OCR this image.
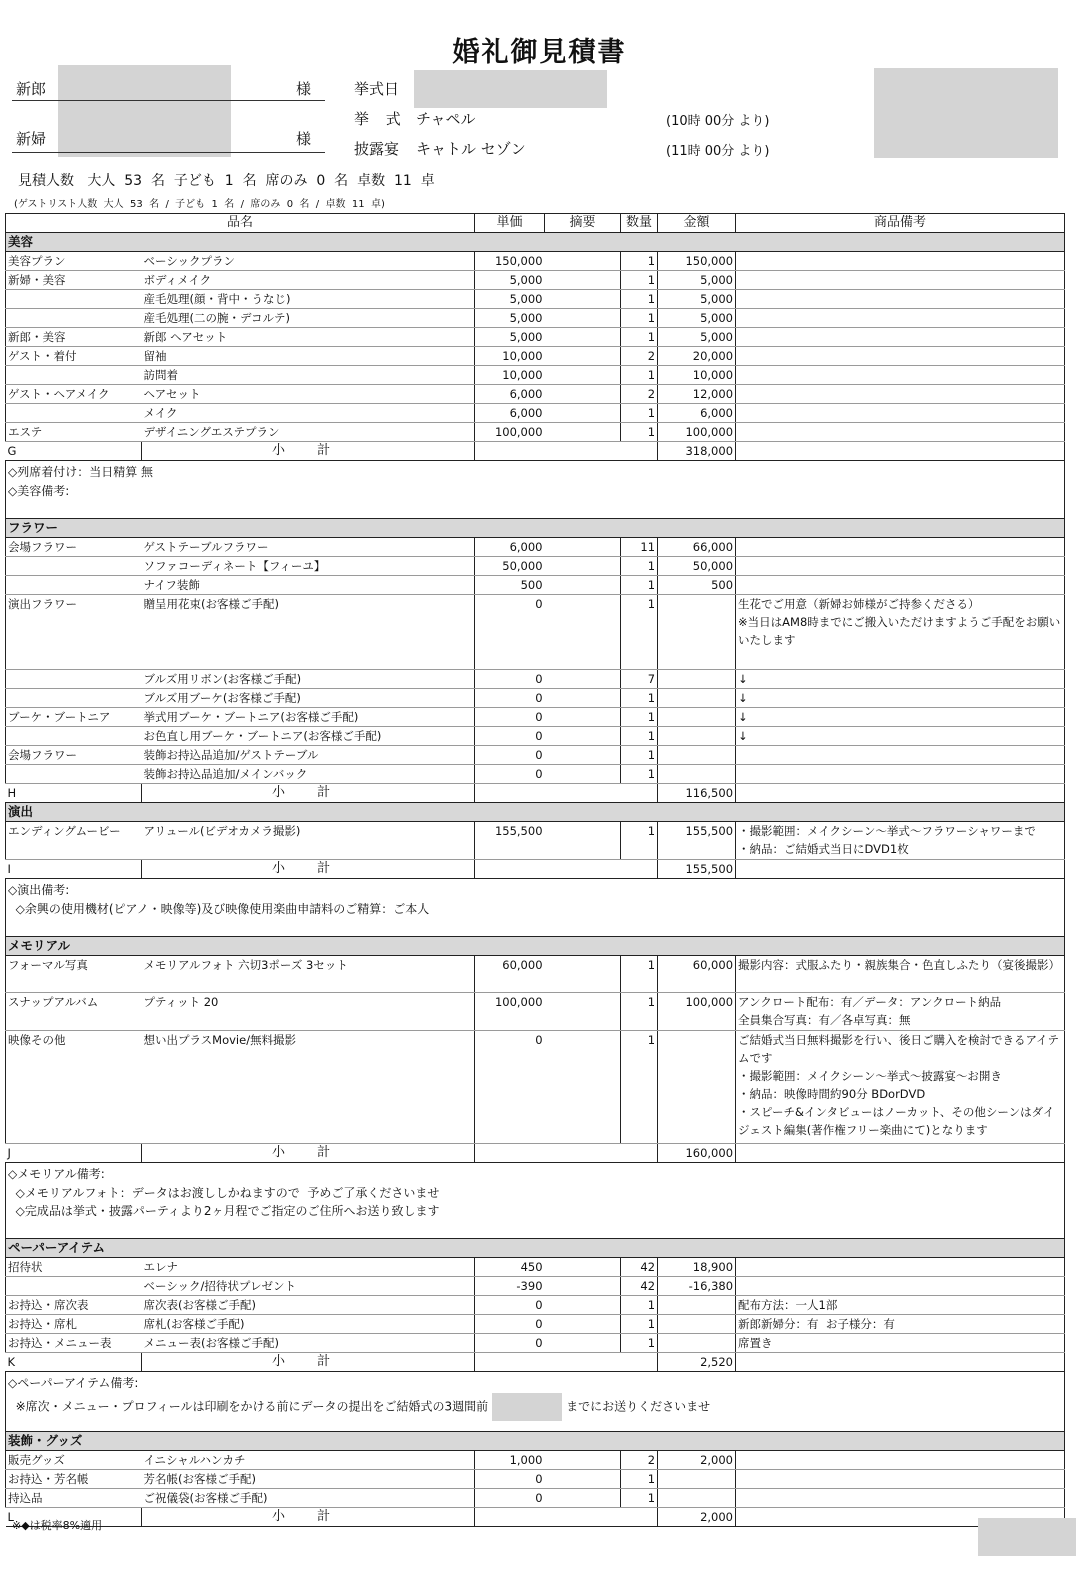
婚礼御見積書
新郎	様
新婦	様
挙式日
挙 式 チャペル	(10時 00分 より)
披露宴 キャトル セゾン	(11時 00分 より)
見積人数   大人  53  名  子ども  1  名  席のみ  0  名  卓数  11  卓
(ゲストリスト人数  大人  53  名  /  子ども  1  名  /  席のみ  0  名  /  卓数  11  卓)
品名		単価	摘要	数量	金額	商品備考
美容						
美容プラン	ベーシックプラン	150,000		1	150,000	
新婦・美容	ボディメイク	5,000		1	5,000	
	産毛処理(顔・背中・うなじ)	5,000		1	5,000	
	産毛処理(二の腕・デコルテ)	5,000		1	5,000	
新郎・美容	新郎 ヘアセット	5,000		1	5,000	
ゲスト・着付	留袖	10,000		2	20,000	
	訪問着	10,000		1	10,000	
ゲスト・ヘアメイク	ヘアセット	6,000		2	12,000	
	メイク	6,000		1	6,000	
エステ	デザイニングエステプラン	100,000		1	100,000	
G	小 計				318,000	
◇列席着付け：当日精算 無
◇美容備考:						
フラワー						
会場フラワー	ゲストテーブルフラワー	6,000		11	66,000	
	ソファコーディネート【フィーユ】	50,000		1	50,000	
	ナイフ装飾	500		1	500	
演出フラワー	贈呈用花束(お客様ご手配)	0		1		生花でご用意（新婦お姉様がご持参くださる）
※当日はAM8時までにご搬入いただけますようご手配をお願いいたします
	ブルズ用リボン(お客様ご手配)	0		7		↓
	ブルズ用ブーケ(お客様ご手配)	0		1		↓
ブーケ・ブートニア	挙式用ブーケ・ブートニア(お客様ご手配)	0		1		↓
	お色直し用ブーケ・ブートニア(お客様ご手配)	0		1		↓
会場フラワー	装飾お持込品追加/ゲストテーブル	0		1		
	装飾お持込品追加/メインバック	0		1		
H	小 計				116,500	
演出						
エンディングムービー	アリュール(ビデオカメラ撮影)	155,500		1	155,500	・撮影範囲：メイクシーン〜挙式〜フラワーシャワーまで
・納品：ご結婚式当日にDVD1枚
I	小 計				155,500	
◇演出備考:
◇余興の使用機材(ピアノ・映像等)及び映像使用楽曲申請料のご精算：ご本人						
メモリアル						
フォーマル写真	メモリアルフォト 六切3ポーズ 3セット	60,000		1	60,000	撮影内容：式服ふたり・親族集合・色直しふたり（宴後撮影）
スナップアルバム	プティット 20	100,000		1	100,000	アンクロート配布：有／データ：アンクロート納品
全員集合写真：有／各卓写真：無
映像その他	想い出プラスMovie/無料撮影	0		1		ご結婚式当日無料撮影を行い、後日ご購入を検討できるアイテムです
・撮影範囲：メイクシーン〜挙式〜披露宴〜お開き
・納品：映像時間約90分 BDorDVD
・スピーチ&インタビューはノーカット、その他シーンはダイジェスト編集(著作権フリー楽曲にて)となります
J	小 計				160,000	
◇メモリアル備考:
◇メモリアルフォト：データはお渡ししかねますので  予めご了承くださいませ
◇完成品は挙式・披露パーティより2ヶ月程でご指定のご住所へお送り致します						
ペーパーアイテム						
招待状	エレナ	450		42	18,900	
	ベーシック/招待状プレゼント	-390		42	-16,380	
お持込・席次表	席次表(お客様ご手配)	0		1		配布方法：一人1部
お持込・席札	席札(お客様ご手配)	0		1		新郎新婦分：有  お子様分：有
お持込・メニュー表	メニュー表(お客様ご手配)	0		1		席置き
K	小 計				2,520	

◇ペーパーアイテム備考:
※席次・メニュー・プロフィールは印刷をかける前にデータの提出をご結婚式の3週間前 までにお送りくださいませ						

装飾・グッズ						
販売グッズ	イニシャルハンカチ	1,000		2	2,000	
お持込・芳名帳	芳名帳(お客様ご手配)	0		1		
持込品	ご祝儀袋(お客様ご手配)	0		1		
L	小 計				2,000	
※◆は税率8%適用
